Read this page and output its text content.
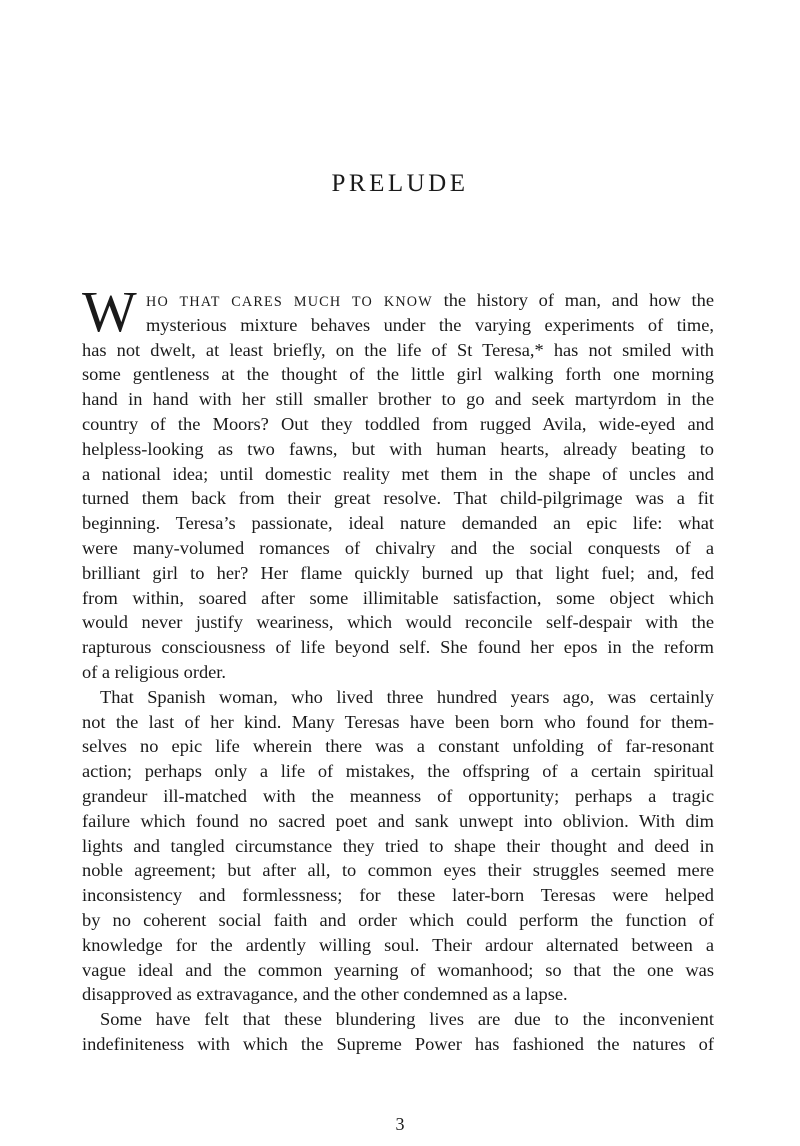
PRELUDE
W HO THAT CARES MUCH TO KNOW the history of man, and how the
mysterious mixture behaves under the varying experiments of time,
has not dwelt, at least briefly, on the life of St Teresa,* has not smiled with
some gentleness at the thought of the little girl walking forth one morning
hand in hand with her still smaller brother to go and seek martyrdom in the
country of the Moors? Out they toddled from rugged Avila, wide-eyed and
helpless-looking as two fawns, but with human hearts, already beating to
a national idea; until domestic reality met them in the shape of uncles and
turned them back from their great resolve. That child-pilgrimage was a fit
beginning. Teresa’s passionate, ideal nature demanded an epic life: what
were many-volumed romances of chivalry and the social conquests of a
brilliant girl to her? Her flame quickly burned up that light fuel; and, fed
from within, soared after some illimitable satisfaction, some object which
would never justify weariness, which would reconcile self-despair with the
rapturous consciousness of life beyond self. She found her epos in the reform
of a religious order.
That Spanish woman, who lived three hundred years ago, was certainly
not the last of her kind. Many Teresas have been born who found for them-
selves no epic life wherein there was a constant unfolding of far-resonant
action; perhaps only a life of mistakes, the offspring of a certain spiritual
grandeur ill-matched with the meanness of opportunity; perhaps a tragic
failure which found no sacred poet and sank unwept into oblivion. With dim
lights and tangled circumstance they tried to shape their thought and deed in
noble agreement; but after all, to common eyes their struggles seemed mere
inconsistency and formlessness; for these later-born Teresas were helped
by no coherent social faith and order which could perform the function of
knowledge for the ardently willing soul. Their ardour alternated between a
vague ideal and the common yearning of womanhood; so that the one was
disapproved as extravagance, and the other condemned as a lapse.
Some have felt that these blundering lives are due to the inconvenient
indefiniteness with which the Supreme Power has fashioned the natures of
3
